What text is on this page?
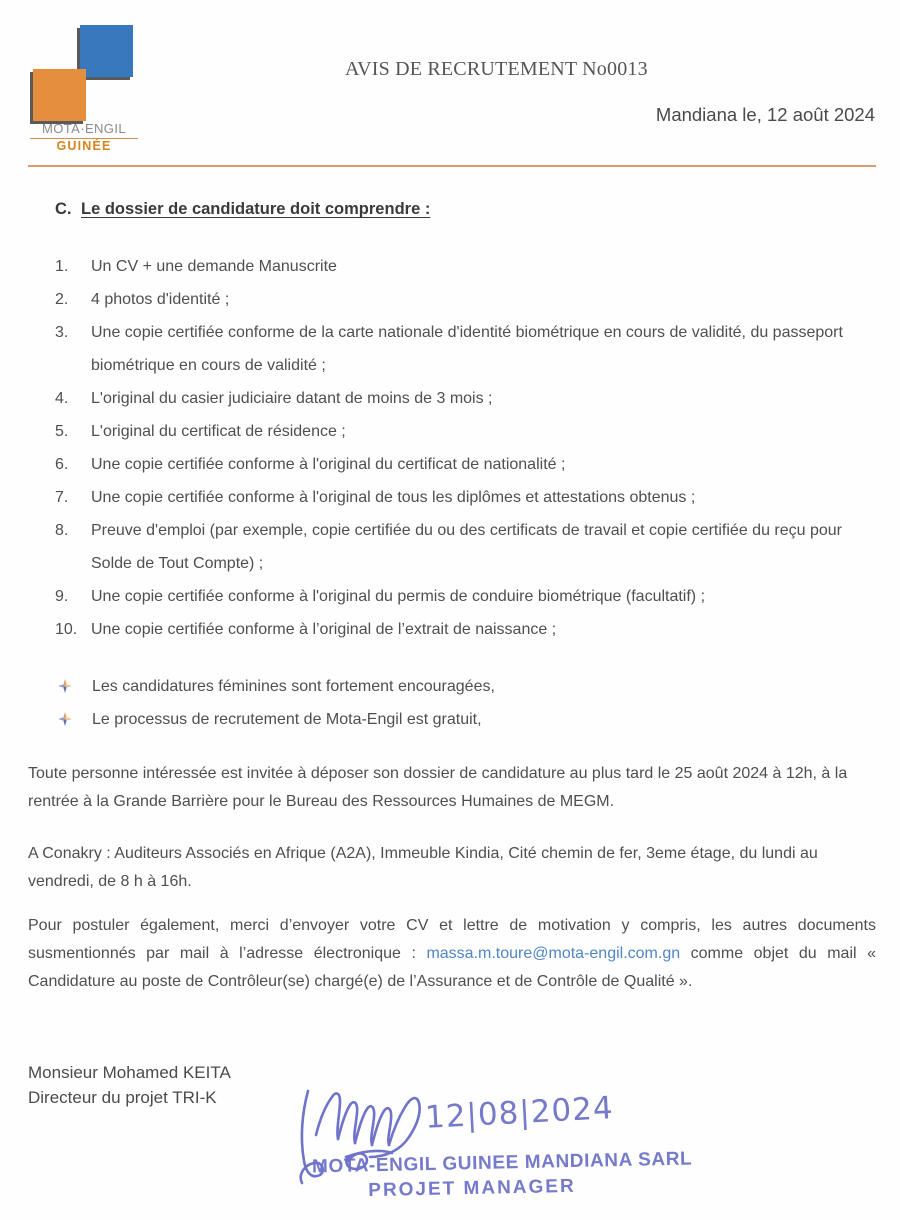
MOTA·ENGIL
GUINÉE
AVIS DE RECRUTEMENT No0013
Mandiana le, 12 août 2024
C. Le dossier de candidature doit comprendre :
1.	Un CV + une demande Manuscrite
2.	4 photos d'identité ;
3.	Une copie certifiée conforme de la carte nationale d'identité biométrique en cours de validité, du passeport biométrique en cours de validité ;
4.	L'original du casier judiciaire datant de moins de 3 mois ;
5.	L'original du certificat de résidence ;
6.	Une copie certifiée conforme à l'original du certificat de nationalité ;
7.	Une copie certifiée conforme à l'original de tous les diplômes et attestations obtenus ;
8.	Preuve d'emploi (par exemple, copie certifiée du ou des certificats de travail et copie certifiée du reçu pour Solde de Tout Compte) ;
9.	Une copie certifiée conforme à l'original du permis de conduire biométrique (facultatif) ;
10. Une copie certifiée conforme à l’original de l’extrait de naissance ;
Les candidatures féminines sont fortement encouragées,
Le processus de recrutement de Mota-Engil est gratuit,
Toute personne intéressée est invitée à déposer son dossier de candidature au plus tard le 25 août 2024 à 12h, à la rentrée à la Grande Barrière pour le Bureau des Ressources Humaines de MEGM.
A Conakry : Auditeurs Associés en Afrique (A2A), Immeuble Kindia, Cité chemin de fer, 3eme étage, du lundi au vendredi, de 8 h à 16h.
Pour postuler également, merci d’envoyer votre CV et lettre de motivation y compris, les autres documents susmentionnés par mail à l’adresse électronique : massa.m.toure@mota-engil.com.gn comme objet du mail « Candidature au poste de Contrôleur(se) chargé(e) de l’Assurance et de Contrôle de Qualité ».
Monsieur Mohamed KEITA
Directeur du projet TRI-K	12|08|2024
MOTA-ENGIL GUINEE MANDIANA SARL
PROJET MANAGER
